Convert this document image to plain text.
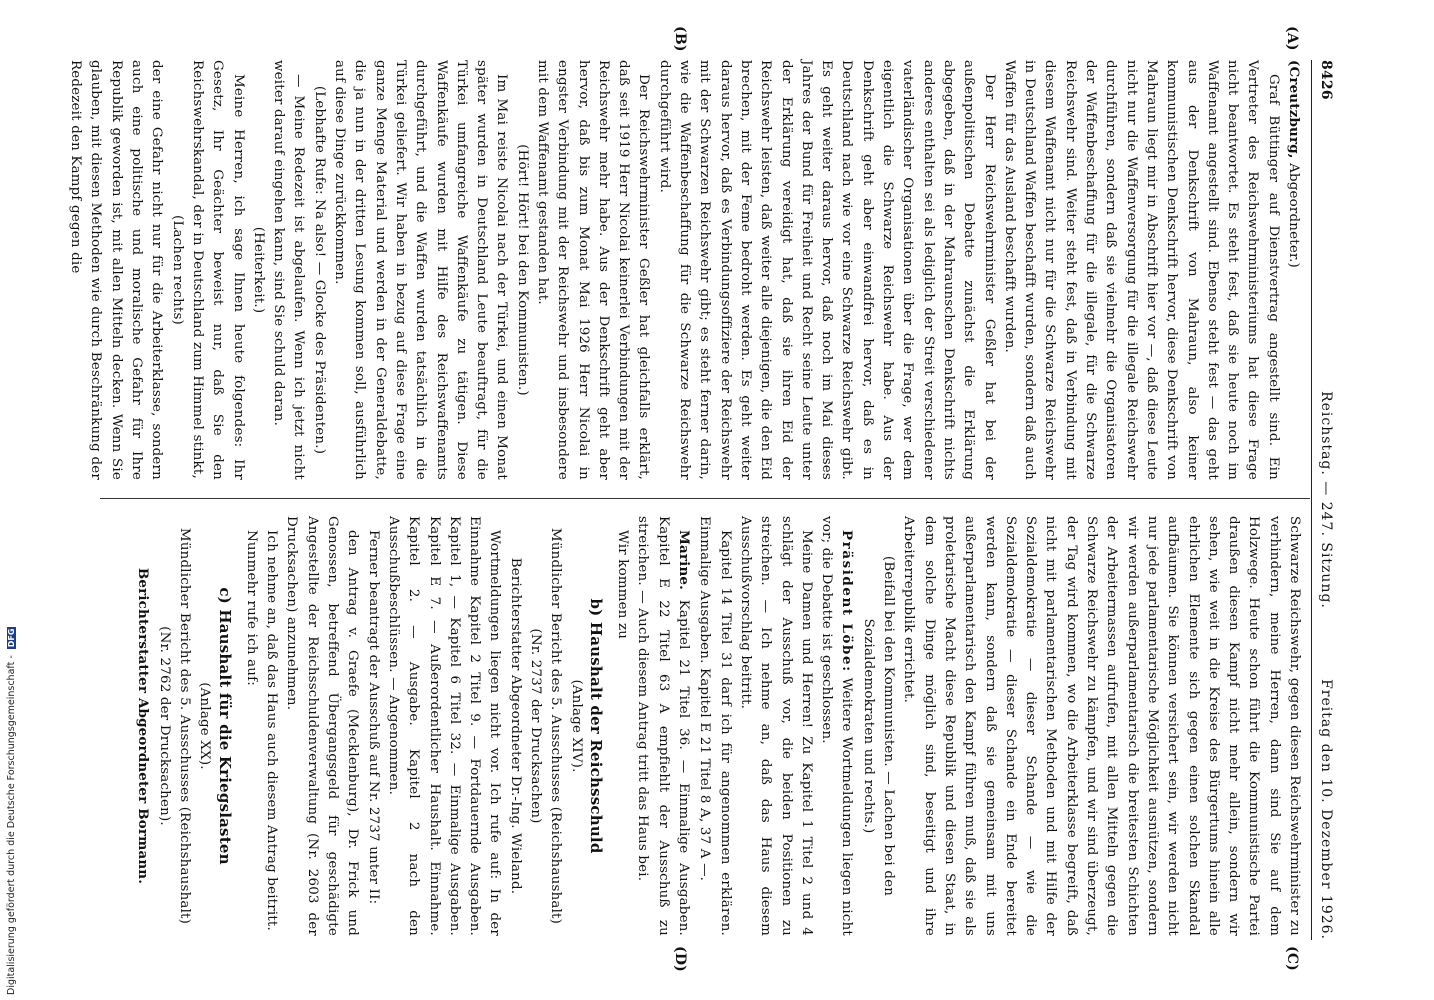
8426
Reichstag. — 247. Sitzung.
Freitag den 10. Dezember 1926.
(A)
(B)
(C)
(D)

(Creutzburg, Abgeordneter.)

Graf Büttinger auf Dienstvertrag angestellt sind. Ein Vertreter des Reichswehrministeriums hat diese Frage nicht beantwortet. Es steht fest, daß sie heute noch im Waffenamt angestellt sind. Ebenso steht fest — das geht aus der Denkschrift von Mahraun, also keiner kommunistischen Denkschrift hervor, diese Denkschrift von Mahraun liegt mir in Abschrift hier vor —, daß diese Leute nicht nur die Waffenversorgung für die illegale Reichswehr durchführen, sondern daß sie vielmehr die Organisatoren der Waffenbeschaffung für die illegale, für die Schwarze Reichswehr sind. Weiter steht fest, daß in Verbindung mit diesem Waffenamt nicht nur für die Schwarze Reichswehr in Deutschland Waffen beschafft wurden, sondern daß auch Waffen für das Ausland beschafft wurden.

Der Herr Reichswehrminister Geßler hat bei der außenpolitischen Debatte zunächst die Erklärung abgegeben, daß in der Mahraunschen Denkschrift nichts anderes enthalten sei als lediglich der Streit verschiedener vaterländischer Organisationen über die Frage, wer dem eigentlich die Schwarze Reichswehr habe. Aus der Denkschrift geht aber einwandfrei hervor, daß es in Deutschland nach wie vor eine Schwarze Reichswehr gibt. Es geht weiter daraus hervor, daß noch im Mai dieses Jahres der Bund für Freiheit und Recht seine Leute unter der Erklärung vereidigt hat, daß sie ihren Eid der Reichswehr leisten, daß weiter alle diejenigen, die den Eid brechen, mit der Feme bedroht werden. Es geht weiter daraus hervor, daß es Verbindungsoffiziere der Reichswehr mit der Schwarzen Reichswehr gibt; es steht ferner darin, wie die Waffenbeschaffung für die Schwarze Reichswehr durchgeführt wird.

Der Reichswehrminister Geßler hat gleichfalls erklärt, daß seit 1919 Herr Nicolai keinerlei Verbindungen mit der Reichswehr mehr habe. Aus der Denkschrift geht aber hervor, daß bis zum Monat Mai 1926 Herr Nicolai in engster Verbindung mit der Reichswehr und insbesondere mit dem Waffenamt gestanden hat.

(Hört! Hört! bei den Kommunisten.)

Im Mai reiste Nicolai nach der Türkei, und einen Monat später wurden in Deutschland Leute beauftragt, für die Türkei umfangreiche Waffenkäufe zu tätigen. Diese Waffenkäufe wurden mit Hilfe des Reichswaffenamts durchgeführt, und die Waffen wurden tatsächlich in die Türkei geliefert. Wir haben in bezug auf diese Frage eine ganze Menge Material und werden in der Generaldebatte, die ja nun in der dritten Lesung kommen soll, ausführlich auf diese Dinge zurückkommen.

(Lebhafte Rufe: Na also! — Glocke des Präsidenten.)

— Meine Redezeit ist abgelaufen. Wenn ich jetzt nicht weiter darauf eingehen kann, sind Sie schuld daran.

(Heiterkeit.)

Meine Herren, ich sage Ihnen heute folgendes: Ihr Gesetz, Ihr Geächter beweist nur, daß Sie den Reichswehrskandal, der in Deutschland zum Himmel stinkt,

(Lachen rechts)

der eine Gefahr nicht nur für die Arbeiterklasse, sondern auch eine politische und moralische Gefahr für Ihre Republik geworden ist, mit allen Mitteln decken. Wenn Sie glauben, mit diesen Methoden wie durch Beschränkung der Redezeit den Kampf gegen die

Schwarze Reichswehr, gegen diesen Reichswehrminister zu verhindern, meine Herren, dann sind Sie auf dem Holzwege. Heute schon führt die Kommunistische Partei draußen diesen Kampf nicht mehr allein, sondern wir sehen, wie weit in die Kreise des Bürgertums hinein alle ehrlichen Elemente sich gegen einen solchen Skandal aufbäumen. Sie können versichert sein, wir werden nicht nur jede parlamentarische Möglichkeit ausnützen, sondern wir werden außerparlamentarisch die breitesten Schichten der Arbeitermassen aufrufen, mit allen Mitteln gegen die Schwarze Reichswehr zu kämpfen, und wir sind überzeugt, der Tag wird kommen, wo die Arbeiterklasse begreift, daß nicht mit parlamentarischen Methoden und mit Hilfe der Sozialdemokratie — dieser Schande — wie die Sozialdemokratie — dieser Schande ein Ende bereitet werden kann, sondern daß sie gemeinsam mit uns außerparlamentarisch den Kampf führen muß, daß sie als proletarische Macht diese Republik und diesen Staat, in dem solche Dinge möglich sind, beseitigt und ihre Arbeiterrepublik errichtet.

(Beifall bei den Kommunisten. — Lachen bei den Sozialdemokraten und rechts.)

Präsident Löbe: Weitere Wortmeldungen liegen nicht vor; die Debatte ist geschlossen.

Meine Damen und Herren! Zu Kapitel 1 Titel 2 und 4 schlägt der Ausschuß vor, die beiden Positionen zu streichen. — Ich nehme an, daß das Haus diesem Ausschußvorschlag beitritt.

Kapitel 14 Titel 31 darf ich für angenommen erklären. Einmalige Ausgaben. Kapitel E 21 Titel 8 A, 37 A —.

Marine. Kapitel 21 Titel 36. — Einmalige Ausgaben. Kapitel E 22 Titel 63 A empfiehlt der Ausschuß zu streichen. — Auch diesem Antrag tritt das Haus bei.

Wir kommen zu

b) Haushalt der Reichsschuld

(Anlage XIV).

Mündlicher Bericht des 5. Ausschusses (Reichshaushalt) (Nr. 2737 der Drucksachen)

Berichterstatter Abgeordneter Dr.-Ing. Wieland.

Wortmeldungen liegen nicht vor. Ich rufe auf: In der Einnahme Kapitel 2 Titel 9. — Fortdauernde Ausgaben. Kapitel 1, — Kapitel 6 Titel 32. — Einmalige Ausgaben. Kapitel E 7. — Außerordentlicher Haushalt. Einnahme. Kapitel 2. — Ausgabe. Kapitel 2 nach den Ausschußbeschlüssen. — Angenommen.

Ferner beantragt der Ausschuß auf Nr. 2737 unter II:

den Antrag v. Graefe (Mecklenburg), Dr. Frick und Genossen, betreffend Übergangsgeld für geschädigte Angestellte der Reichsschuldenverwaltung (Nr. 2603 der Drucksachen) anzunehmen.

Ich nehme an, daß das Haus auch diesem Antrag beitritt.

Nunmehr rufe ich auf:

c) Haushalt für die Kriegslasten

(Anlage XX).

Mündlicher Bericht des 5. Ausschusses (Reichshaushalt) (Nr. 2762 der Drucksachen).

Berichterstatter Abgeordneter Bormann.

Digitalisierung gefördert durch die Deutsche Forschungsgemeinschaft - DFG
